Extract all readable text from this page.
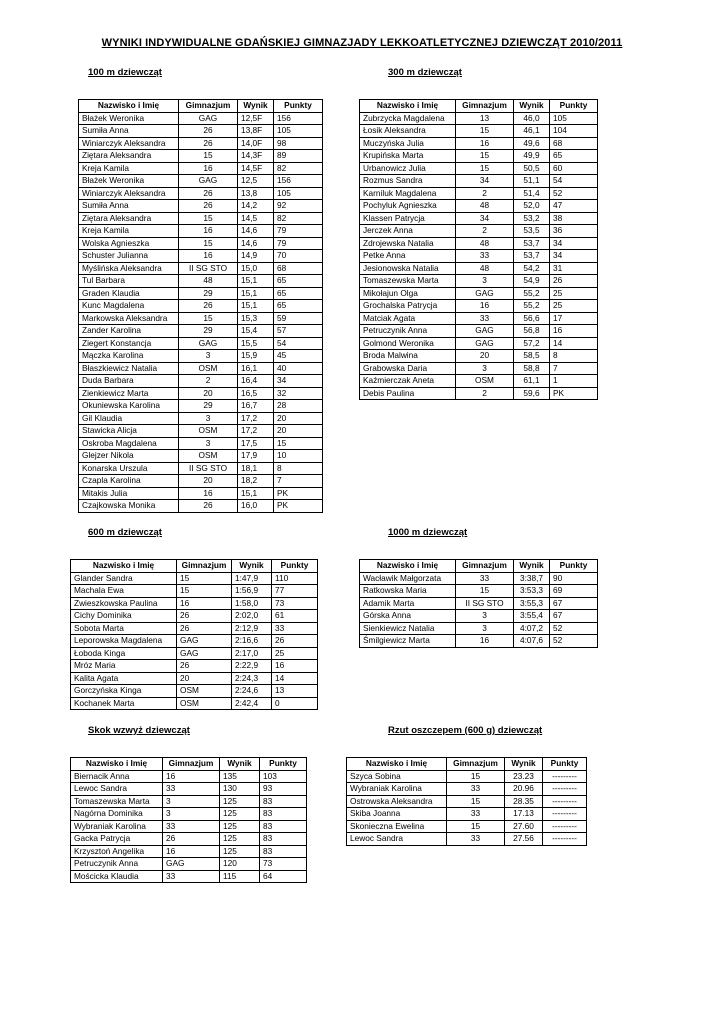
WYNIKI INDYWIDUALNE GDAŃSKIEJ GIMNAZJADY LEKKOATLETYCZNEJ DZIEWCZĄT 2010/2011
100 m dziewcząt
Nazwisko i Imię	Gimnazjum	Wynik	Punkty
Błażek Weronika	GAG	12,5F	156
Sumiła Anna	26	13,8F	105
Winiarczyk Aleksandra	26	14,0F	98
Ziętara Aleksandra	15	14,3F	89
Kreja Kamila	16	14,5F	82
Błażek Weronika	GAG	12,5	156
Winiarczyk Aleksandra	26	13,8	105
Sumiła Anna	26	14,2	92
Ziętara Aleksandra	15	14,5	82
Kreja Kamila	16	14,6	79
Wolska Agnieszka	15	14,6	79
Schuster Julianna	16	14,9	70
Myślińska Aleksandra	II SG STO	15,0	68
Tul Barbara	48	15,1	65
Graden Klaudia	29	15,1	65
Kunc Magdalena	26	15,1	65
Markowska Aleksandra	15	15,3	59
Zander Karolina	29	15,4	57
Ziegert Konstancja	GAG	15,5	54
Mączka Karolina	3	15,9	45
Błaszkiewicz Natalia	OSM	16,1	40
Duda Barbara	2	16,4	34
Zienkiewicz Marta	20	16,5	32
Okuniewska Karolina	29	16,7	28
Gil Klaudia	3	17,2	20
Stawicka Alicja	OSM	17,2	20
Oskroba Magdalena	3	17,5	15
Glejzer Nikola	OSM	17,9	10
Konarska Urszula	II SG STO	18,1	8
Czapla Karolina	20	18,2	7
Mitakis Julia	16	15,1	PK
Czajkowska Monika	26	16,0	PK
300 m dziewcząt
Nazwisko i Imię	Gimnazjum	Wynik	Punkty
Zubrzycka Magdalena	13	46,0	105
Łosik Aleksandra	15	46,1	104
Muczyńska Julia	16	49,6	68
Krupińska Marta	15	49,9	65
Urbanowicz Julia	15	50,5	60
Rozmus Sandra	34	51,1	54
Karniluk Magdalena	2	51,4	52
Pochyluk Agnieszka	48	52,0	47
Klassen Patrycja	34	53,2	38
Jerczek Anna	2	53,5	36
Zdrojewska Natalia	48	53,7	34
Petke Anna	33	53,7	34
Jesionowska Natalia	48	54,2	31
Tomaszewska Marta	3	54,9	26
Mikołajun Olga	GAG	55,2	25
Grochalska Patrycja	16	55,2	25
Matciak Agata	33	56,6	17
Petruczynik Anna	GAG	56,8	16
Golmond Weronika	GAG	57,2	14
Broda Malwina	20	58,5	8
Grabowska Daria	3	58,8	7
Kaźmierczak Aneta	OSM	61,1	1
Debis Paulina	2	59,6	PK
600 m dziewcząt
Nazwisko i Imię	Gimnazjum	Wynik	Punkty
Glander Sandra	15	1:47,9	110
Machala Ewa	15	1:56,9	77
Zwieszkowska Paulina	16	1:58,0	73
Cichy Dominika	26	2:02,0	61
Sobota Marta	26	2:12,9	33
Leporowska Magdalena	GAG	2:16,6	26
Łoboda Kinga	GAG	2:17,0	25
Mróz Maria	26	2:22,9	16
Kalita Agata	20	2:24,3	14
Gorczyńska Kinga	OSM	2:24,6	13
Kochanek Marta	OSM	2:42,4	0
1000 m dziewcząt
Nazwisko i Imię	Gimnazjum	Wynik	Punkty
Wacławik Małgorzata	33	3:38,7	90
Ratkowska Maria	15	3:53,3	69
Adamik Marta	II SG STO	3:55,3	67
Górska Anna	3	3:55,4	67
Sienkiewicz Natalia	3	4:07,2	52
Śmilgiewicz Marta	16	4:07,6	52
Skok wzwyż dziewcząt
Nazwisko i Imię	Gimnazjum	Wynik	Punkty
Biernacik Anna	16	135	103
Lewoc Sandra	33	130	93
Tomaszewska Marta	3	125	83
Nagórna Dominika	3	125	83
Wybraniak Karolina	33	125	83
Gacka Patrycja	26	125	83
Krzysztoń Angelika	16	125	83
Petruczynik Anna	GAG	120	73
Mościcka Klaudia	33	115	64
Rzut oszczepem (600 g) dziewcząt
Nazwisko i Imię	Gimnazjum	Wynik	Punkty
Szyca Sobina	15	23.23	---------
Wybraniak Karolina	33	20.96	---------
Ostrowska Aleksandra	15	28.35	---------
Skiba Joanna	33	17.13	---------
Skonieczna Ewelina	15	27.60	---------
Lewoc Sandra	33	27.56	---------
